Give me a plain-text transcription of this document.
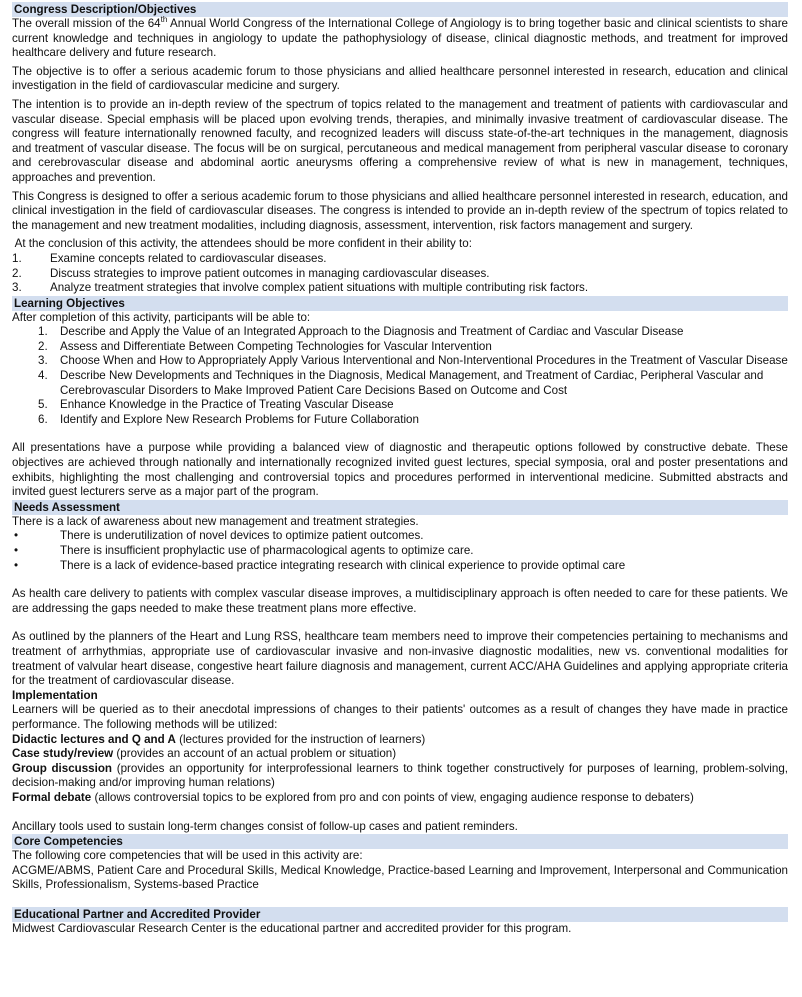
Congress Description/Objectives

The overall mission of the 64th Annual World Congress of the International College of Angiology is to bring together basic and clinical scientists to share current knowledge and techniques in angiology to update the pathophysiology of disease, clinical diagnostic methods, and treatment for improved healthcare delivery and future research.

The objective is to offer a serious academic forum to those physicians and allied healthcare personnel interested in research, education and clinical investigation in the field of cardiovascular medicine and surgery.

The intention is to provide an in-depth review of the spectrum of topics related to the management and treatment of patients with cardiovascular and vascular disease. Special emphasis will be placed upon evolving trends, therapies, and minimally invasive treatment of cardiovascular disease. The congress will feature internationally renowned faculty, and recognized leaders will discuss state-of-the-art techniques in the management, diagnosis and treatment of vascular disease. The focus will be on surgical, percutaneous and medical management from peripheral vascular disease to coronary and cerebrovascular disease and abdominal aortic aneurysms offering a comprehensive review of what is new in management, techniques, approaches and prevention.

This Congress is designed to offer a serious academic forum to those physicians and allied healthcare personnel interested in research, education, and clinical investigation in the field of cardiovascular diseases. The congress is intended to provide an in-depth review of the spectrum of topics related to the management and new treatment modalities, including diagnosis, assessment, intervention, risk factors management and surgery.

At the conclusion of this activity, the attendees should be more confident in their ability to:

1. Examine concepts related to cardiovascular diseases.
2. Discuss strategies to improve patient outcomes in managing cardiovascular diseases.
3. Analyze treatment strategies that involve complex patient situations with multiple contributing risk factors.
Learning Objectives

After completion of this activity, participants will be able to:

1. Describe and Apply the Value of an Integrated Approach to the Diagnosis and Treatment of Cardiac and Vascular Disease
2. Assess and Differentiate Between Competing Technologies for Vascular Intervention
3. Choose When and How to Appropriately Apply Various Interventional and Non-Interventional Procedures in the Treatment of Vascular Disease
4. Describe New Developments and Techniques in the Diagnosis, Medical Management, and Treatment of Cardiac, Peripheral Vascular and Cerebrovascular Disorders to Make Improved Patient Care Decisions Based on Outcome and Cost
5. Enhance Knowledge in the Practice of Treating Vascular Disease
6. Identify and Explore New Research Problems for Future Collaboration

All presentations have a purpose while providing a balanced view of diagnostic and therapeutic options followed by constructive debate. These objectives are achieved through nationally and internationally recognized invited guest lectures, special symposia, oral and poster presentations and exhibits, highlighting the most challenging and controversial topics and procedures performed in interventional medicine. Submitted abstracts and invited guest lecturers serve as a major part of the program.

Needs Assessment

There is a lack of awareness about new management and treatment strategies.

•	There is underutilization of novel devices to optimize patient outcomes.
•	There is insufficient prophylactic use of pharmacological agents to optimize care.
•	There is a lack of evidence-based practice integrating research with clinical experience to provide optimal care

As health care delivery to patients with complex vascular disease improves, a multidisciplinary approach is often needed to care for these patients. We are addressing the gaps needed to make these treatment plans more effective.

As outlined by the planners of the Heart and Lung RSS, healthcare team members need to improve their competencies pertaining to mechanisms and treatment of arrhythmias, appropriate use of cardiovascular invasive and non-invasive diagnostic modalities, new vs. conventional modalities for treatment of valvular heart disease, congestive heart failure diagnosis and management, current ACC/AHA Guidelines and applying appropriate criteria for the treatment of cardiovascular disease.

Implementation

Learners will be queried as to their anecdotal impressions of changes to their patients' outcomes as a result of changes they have made in practice performance. The following methods will be utilized:

Didactic lectures and Q and A (lectures provided for the instruction of learners)

Case study/review (provides an account of an actual problem or situation)

Group discussion (provides an opportunity for interprofessional learners to think together constructively for purposes of learning, problem-solving, decision-making and/or improving human relations)

Formal debate (allows controversial topics to be explored from pro and con points of view, engaging audience response to debaters)

Ancillary tools used to sustain long-term changes consist of follow-up cases and patient reminders.

Core Competencies

The following core competencies that will be used in this activity are:

ACGME/ABMS, Patient Care and Procedural Skills, Medical Knowledge, Practice-based Learning and Improvement, Interpersonal and Communication Skills, Professionalism, Systems-based Practice

Educational Partner and Accredited Provider

Midwest Cardiovascular Research Center is the educational partner and accredited provider for this program.
